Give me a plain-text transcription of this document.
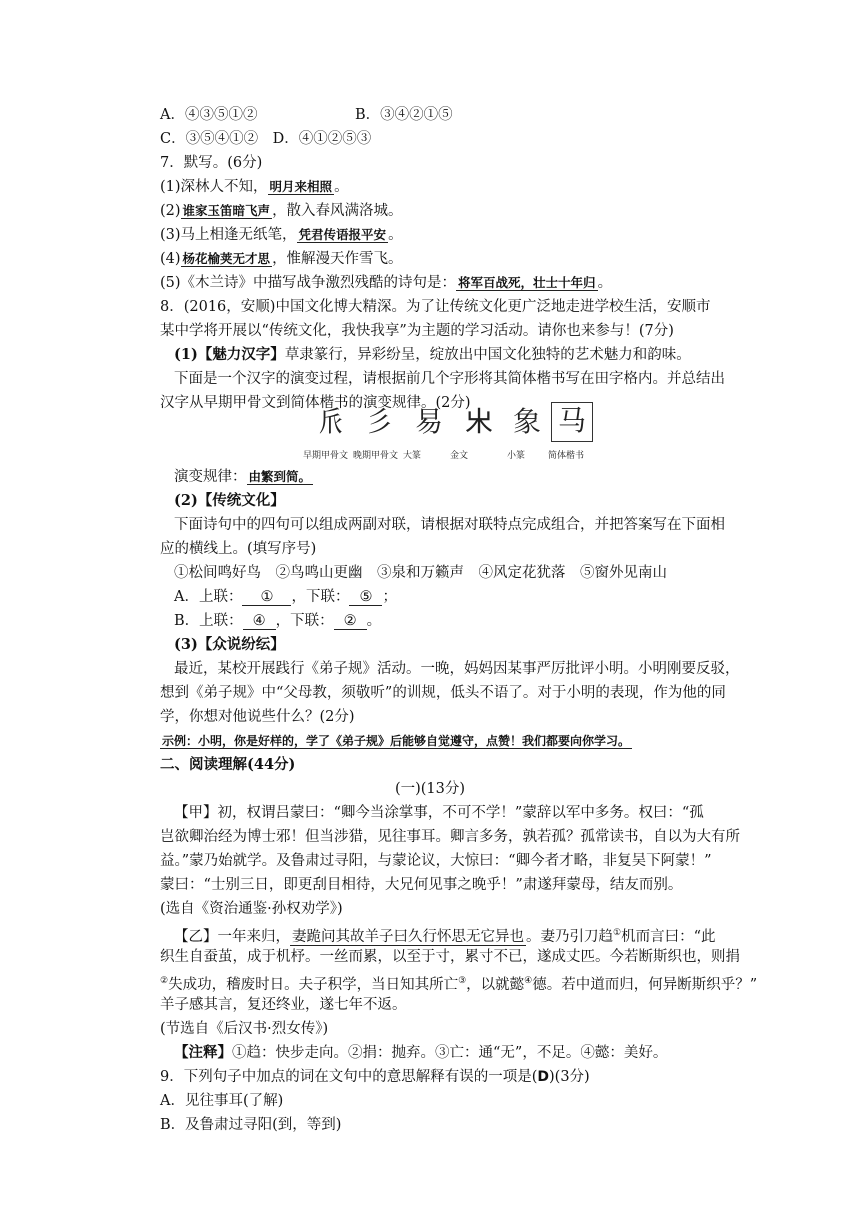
A．④③⑤①②	B．③④②①⑤
C．③⑤④①②　D．④①②⑤③
7．默写。(6分)
(1)深林人不知， 明月来相照 。
(2) 谁家玉笛暗飞声 ，散入春风满洛城。
(3)马上相逢无纸笔， 凭君传语报平安 。
(4) 杨花榆荚无才思 ，惟解漫天作雪飞。
(5)《木兰诗》中描写战争激烈残酷的诗句是： 将军百战死，壮士十年归 。
8．(2016，安顺)中国文化博大精深。为了让传统文化更广泛地走进学校生活，安顺市
某中学将开展以“传统文化，我快我享”为主题的学习活动。请你也来参与！(7分)
(1)【魅力汉字】草隶篆行，异彩纷呈，绽放出中国文化独特的艺术魅力和韵味。
下面是一个汉字的演变过程，请根据前几个字形将其简体楷书写在田字格内。并总结出
汉字从早期甲骨文到简体楷书的演变规律。(2分)
𠂢 彡 易 𣎵 象 马
早期甲骨文 晚期甲骨文 大篆	金文	小篆	简体楷书
演变规律： 由繁到简。
(2)【传统文化】
下面诗句中的四句可以组成两副对联，请根据对联特点完成组合，并把答案写在下面相
应的横线上。(填写序号)
①松间鸣好鸟　②鸟鸣山更幽　③泉和万籁声　④风定花犹落　⑤窗外见南山
A．上联： ① ，下联： ⑤ ；
B．上联： ④ ，下联： ② 。
(3)【众说纷纭】
最近，某校开展践行《弟子规》活动。一晚，妈妈因某事严厉批评小明。小明刚要反驳，
想到《弟子规》中“父母教，须敬听”的训规，低头不语了。对于小明的表现，作为他的同
学，你想对他说些什么？(2分)
示例：小明，你是好样的，学了《弟子规》后能够自觉遵守，点赞！我们都要向你学习。
二、阅读理解(44分)
(一)(13分)
【甲】初，权谓吕蒙曰：“卿今当涂掌事，不可不学！”蒙辞以军中多务。权曰：“孤
岂欲卿治经为博士邪！但当涉猎，见往事耳。卿言多务，孰若孤？孤常读书，自以为大有所
益。”蒙乃始就学。及鲁肃过寻阳，与蒙论议，大惊曰：“卿今者才略，非复吴下阿蒙！”
蒙曰：“士别三日，即更刮目相待，大兄何见事之晚乎！”肃遂拜蒙母，结友而别。
(选自《资治通鉴·孙权劝学》)
【乙】一年来归， 妻跪问其故羊子曰久行怀思无它异也 。妻乃引刀趋①机而言曰：“此
织生自蚕茧，成于机杼。一丝而累，以至于寸，累寸不已，遂成丈匹。今若断斯织也，则捐
②失成功，稽废时日。夫子积学，当日知其所亡③，以就懿④德。若中道而归，何异断斯织乎？”
羊子感其言，复还终业，遂七年不返。
(节选自《后汉书·烈女传》)
【注释】①趋：快步走向。②捐：抛弃。③亡：通“无”，不足。④懿：美好。
9．下列句子中加点的词在文句中的意思解释有误的一项是(D)(3分)
A．见往事耳(了解)
B．及鲁肃过寻阳(到，等到)
